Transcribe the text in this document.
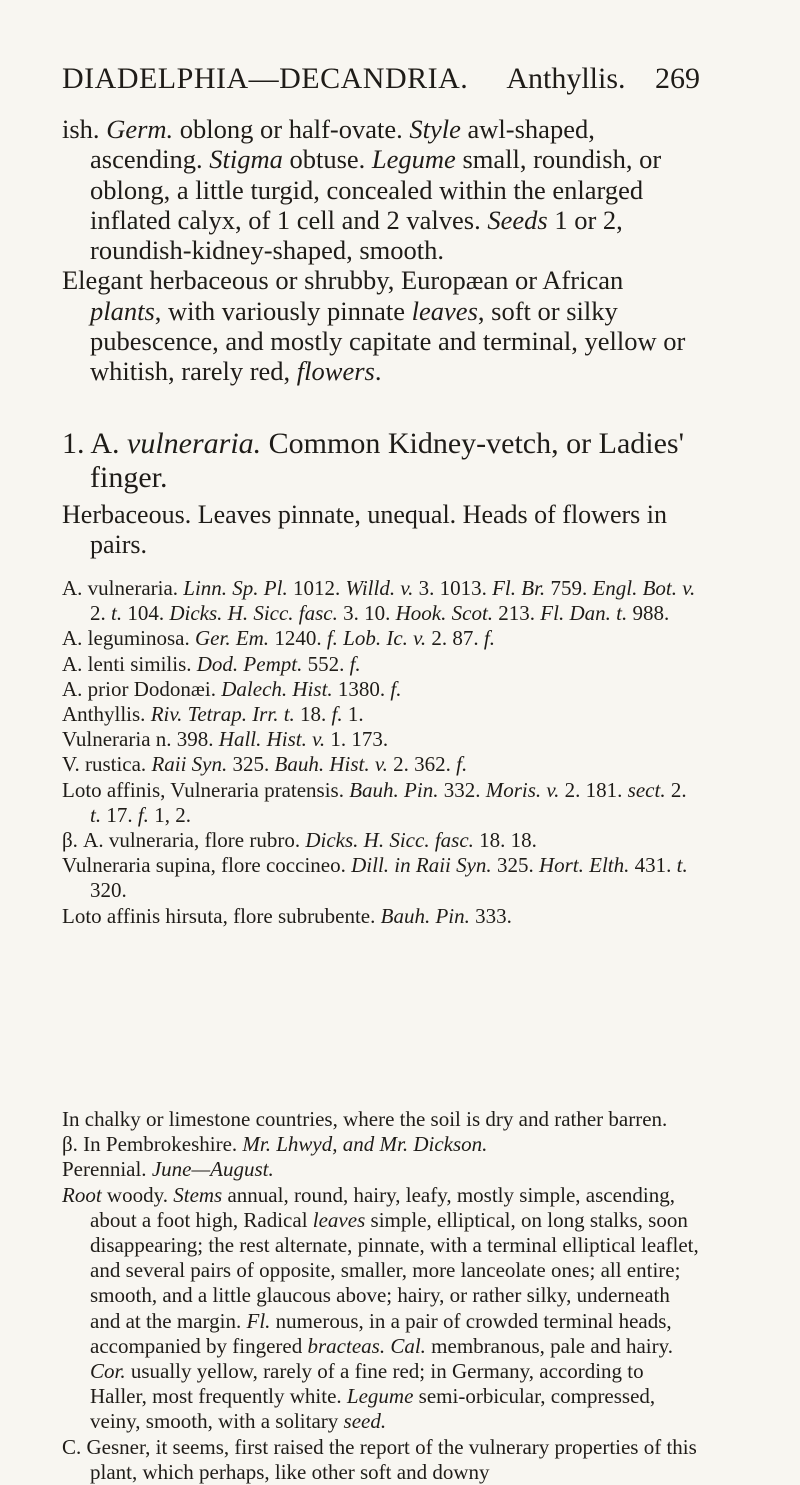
DIADELPHIA—DECANDRIA.	Anthyllis. 269

ish. Germ. oblong or half-ovate. Style awl-shaped, ascending. Stigma obtuse. Legume small, roundish, or oblong, a little turgid, concealed within the enlarged inflated calyx, of 1 cell and 2 valves. Seeds 1 or 2, roundish-kidney-shaped, smooth.

Elegant herbaceous or shrubby, Europæan or African plants, with variously pinnate leaves, soft or silky pubescence, and mostly capitate and terminal, yellow or whitish, rarely red, flowers.

1. A. vulneraria. Common Kidney-vetch, or Ladies' finger.

Herbaceous. Leaves pinnate, unequal. Heads of flowers in pairs.

A. vulneraria. Linn. Sp. Pl. 1012. Willd. v. 3. 1013. Fl. Br. 759. Engl. Bot. v. 2. t. 104. Dicks. H. Sicc. fasc. 3. 10. Hook. Scot. 213. Fl. Dan. t. 988.

A. leguminosa. Ger. Em. 1240. f. Lob. Ic. v. 2. 87. f.

A. lenti similis. Dod. Pempt. 552. f.

A. prior Dodonæi. Dalech. Hist. 1380. f.

Anthyllis. Riv. Tetrap. Irr. t. 18. f. 1.

Vulneraria n. 398. Hall. Hist. v. 1. 173.

V. rustica. Raii Syn. 325. Bauh. Hist. v. 2. 362. f.

Loto affinis, Vulneraria pratensis. Bauh. Pin. 332. Moris. v. 2. 181. sect. 2. t. 17. f. 1, 2.

β. A. vulneraria, flore rubro. Dicks. H. Sicc. fasc. 18. 18.

Vulneraria supina, flore coccineo. Dill. in Raii Syn. 325. Hort. Elth. 431. t. 320.

Loto affinis hirsuta, flore subrubente. Bauh. Pin. 333.

In chalky or limestone countries, where the soil is dry and rather barren.

β. In Pembrokeshire. Mr. Lhwyd, and Mr. Dickson.

Perennial. June—August.

Root woody. Stems annual, round, hairy, leafy, mostly simple, ascending, about a foot high, Radical leaves simple, elliptical, on long stalks, soon disappearing; the rest alternate, pinnate, with a terminal elliptical leaflet, and several pairs of opposite, smaller, more lanceolate ones; all entire; smooth, and a little glaucous above; hairy, or rather silky, underneath and at the margin. Fl. numerous, in a pair of crowded terminal heads, accompanied by fingered bracteas. Cal. membranous, pale and hairy. Cor. usually yellow, rarely of a fine red; in Germany, according to Haller, most frequently white. Legume semi-orbicular, compressed, veiny, smooth, with a solitary seed.

C. Gesner, it seems, first raised the report of the vulnerary properties of this plant, which perhaps, like other soft and downy
